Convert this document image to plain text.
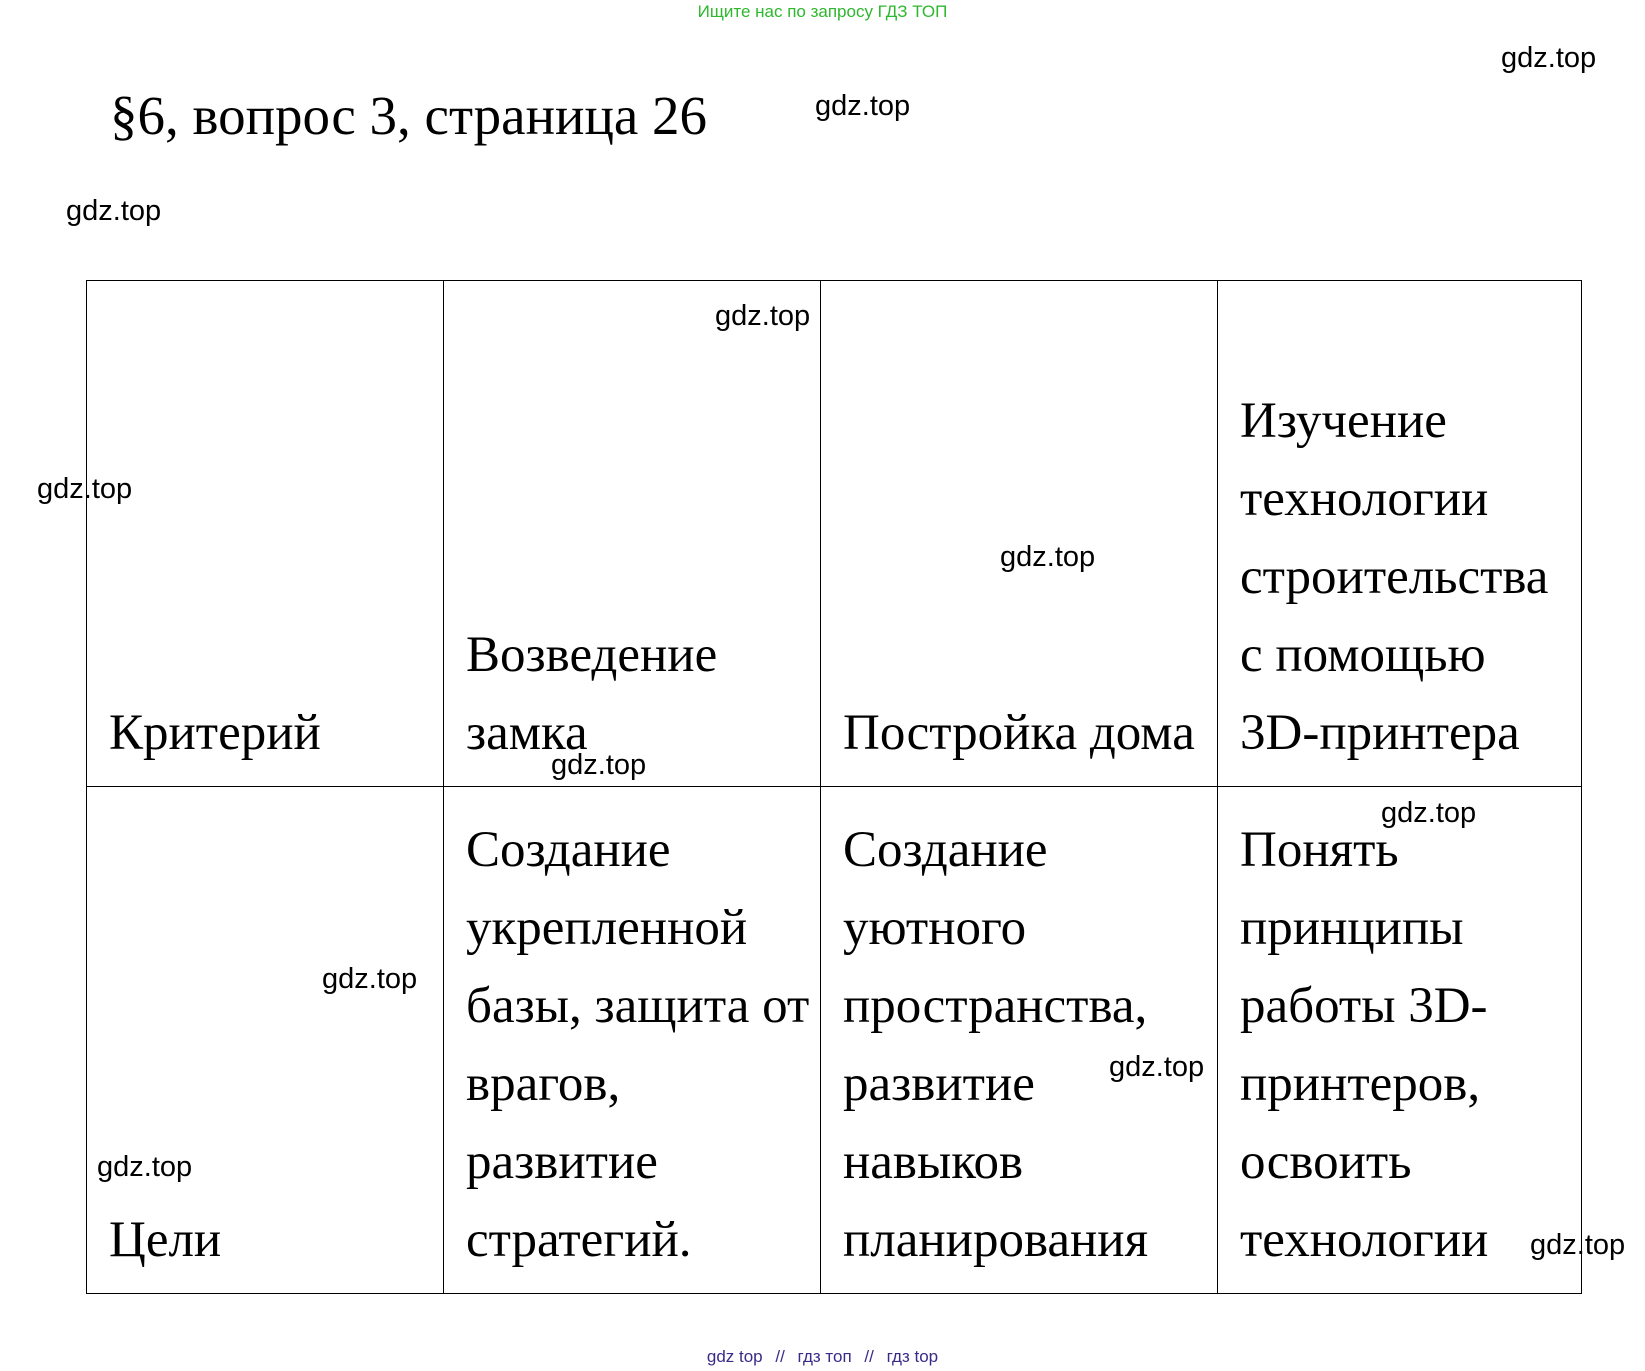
Ищите нас по запросу ГДЗ ТОП
§6, вопрос 3, страница 26
Критерий	Возведение замка	Постройка дома	Изучение технологии строительства с помощью 3D-принтера

Цели	Создание укрепленной базы, защита от врагов, развитие стратегий.	Создание уютного пространства, развитие навыков планирования	Понять принципы работы 3D-принтеров, освоить технологии
gdz.top
gdz.top
gdz.top
gdz.top
gdz.top
gdz.top
gdz.top
gdz.top
gdz.top
gdz.top
gdz.top
gdz.top
gdz top // гдз топ // гдз top
